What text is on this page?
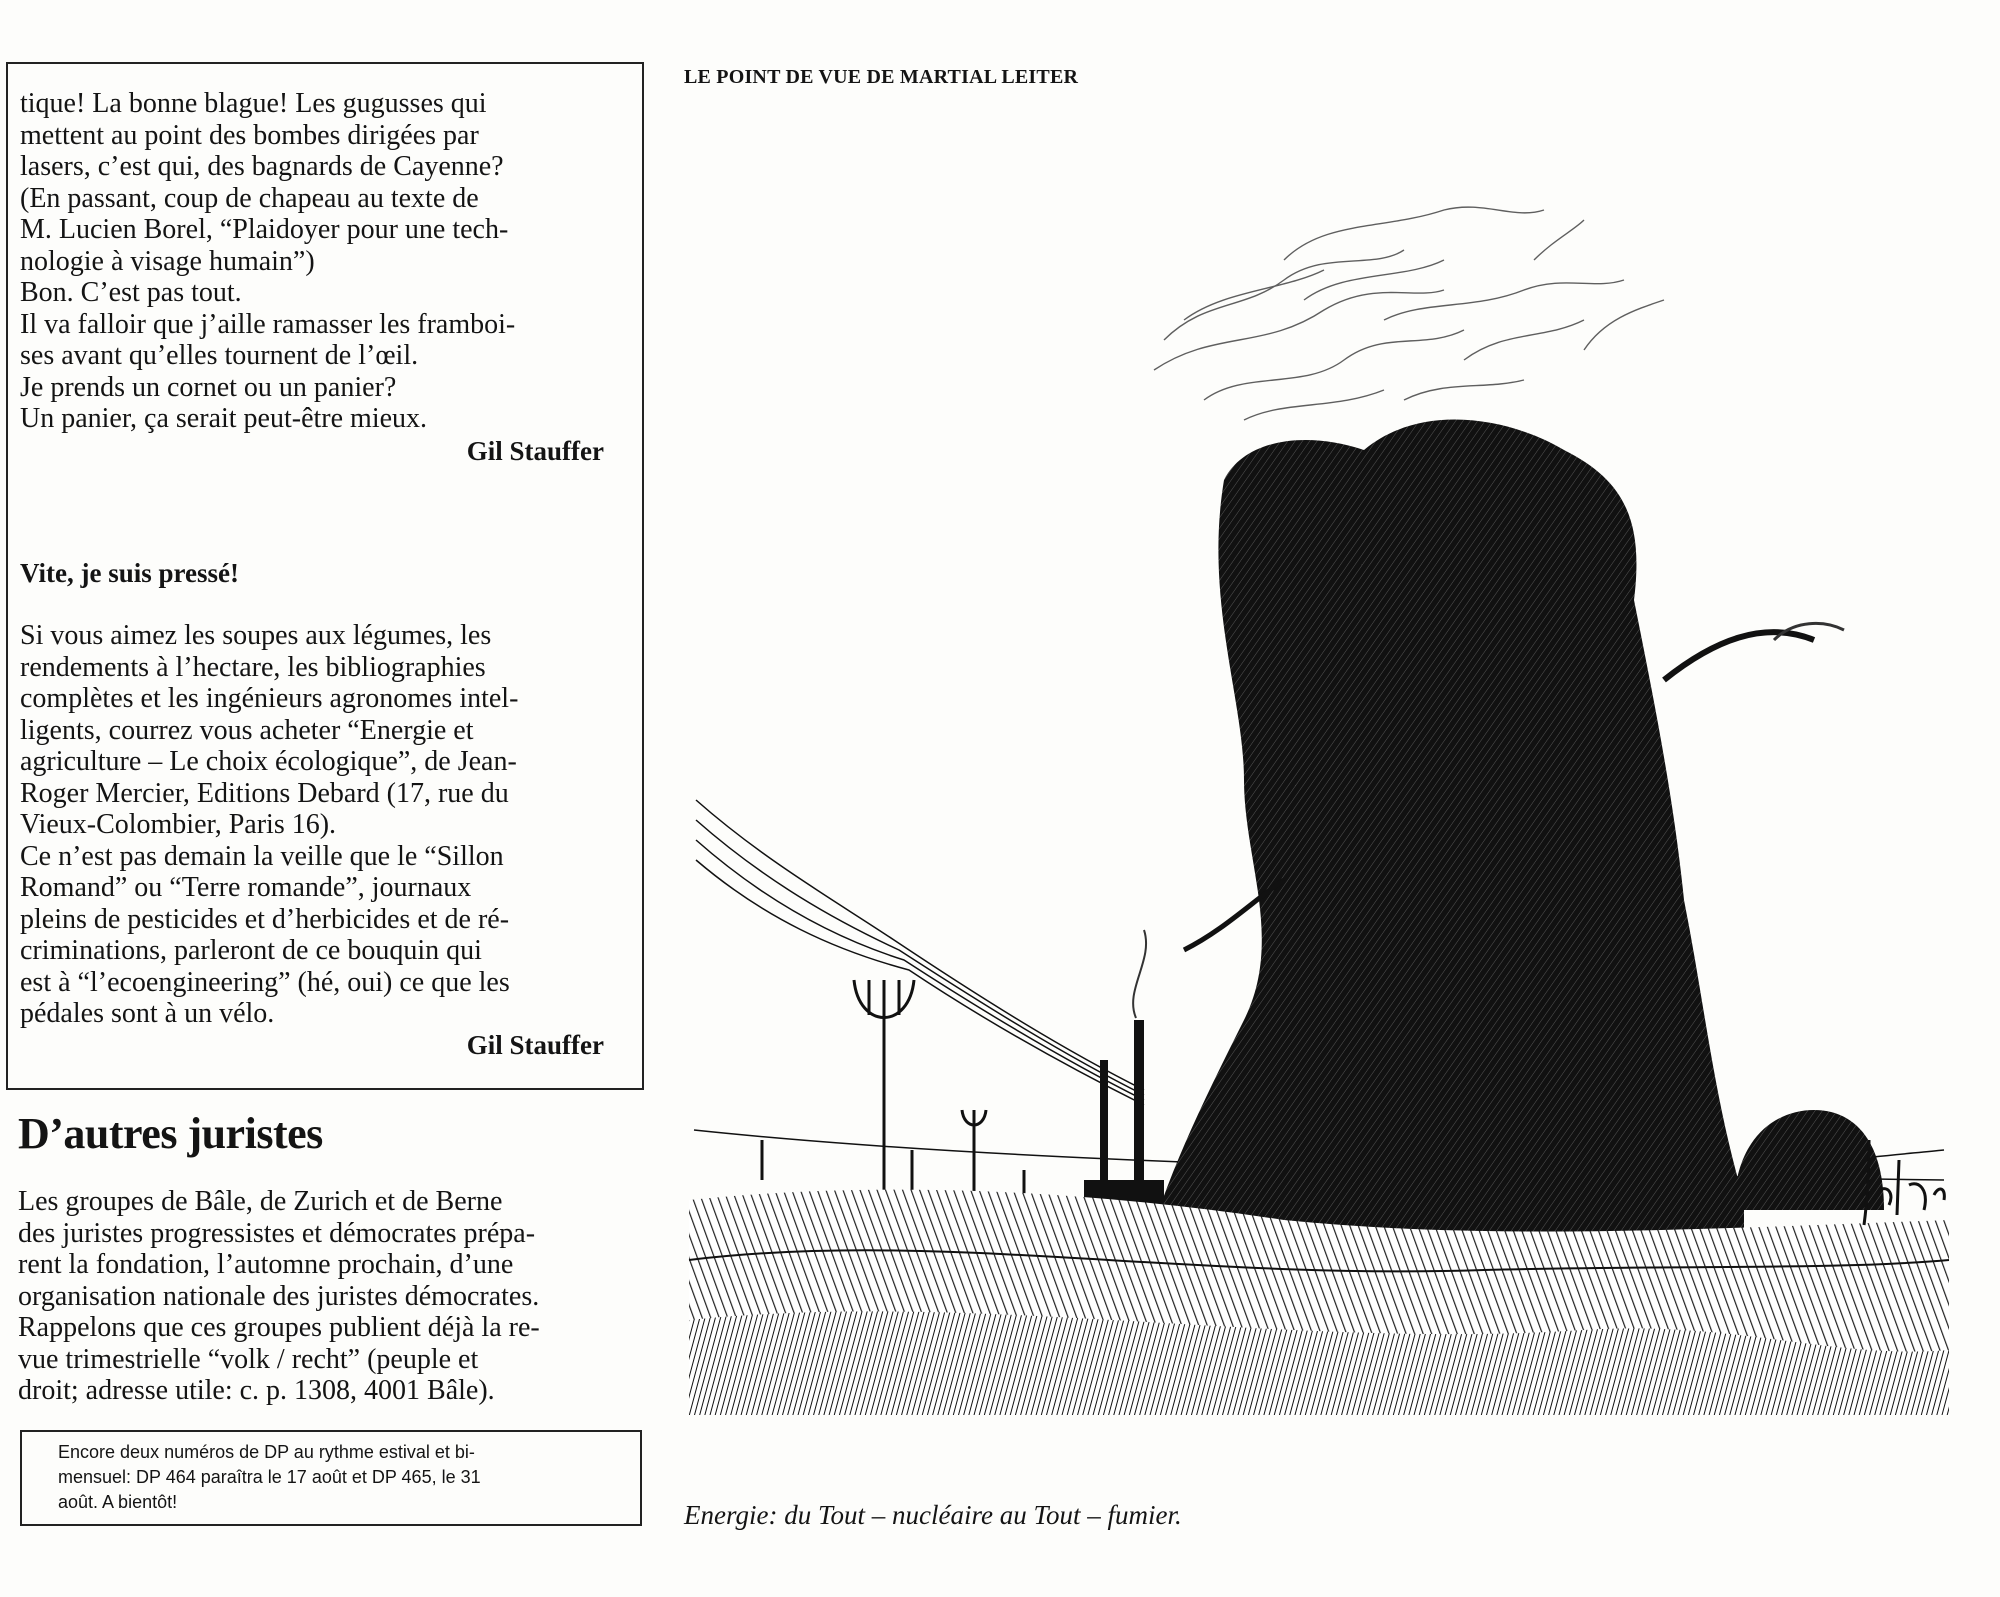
tique! La bonne blague! Les gugusses qui
mettent au point des bombes dirigées par
lasers, c’est qui, des bagnards de Cayenne?
(En passant, coup de chapeau au texte de
M. Lucien Borel, “Plaidoyer pour une tech-
nologie à visage humain”)
Bon. C’est pas tout.
Il va falloir que j’aille ramasser les framboi-
ses avant qu’elles tournent de l’œil.
Je prends un cornet ou un panier?
Un panier, ça serait peut-être mieux.
Gil Stauffer
Vite, je suis pressé!
Si vous aimez les soupes aux légumes, les
rendements à l’hectare, les bibliographies
complètes et les ingénieurs agronomes intel-
ligents, courrez vous acheter “Energie et
agriculture – Le choix écologique”, de Jean-
Roger Mercier, Editions Debard (17, rue du
Vieux-Colombier, Paris 16).
Ce n’est pas demain la veille que le “Sillon
Romand” ou “Terre romande”, journaux
pleins de pesticides et d’herbicides et de ré-
criminations, parleront de ce bouquin qui
est à “l’ecoengineering” (hé, oui) ce que les
pédales sont à un vélo.
Gil Stauffer
D’autres juristes
Les groupes de Bâle, de Zurich et de Berne
des juristes progressistes et démocrates prépa-
rent la fondation, l’automne prochain, d’une
organisation nationale des juristes démocrates.
Rappelons que ces groupes publient déjà la re-
vue trimestrielle “volk / recht” (peuple et
droit; adresse utile: c. p. 1308, 4001 Bâle).
Encore deux numéros de DP au rythme estival et bi-
mensuel: DP 464 paraîtra le 17 août et DP 465, le 31
août. A bientôt!
LE POINT DE VUE DE MARTIAL LEITER
Energie: du Tout – nucléaire au Tout – fumier.
